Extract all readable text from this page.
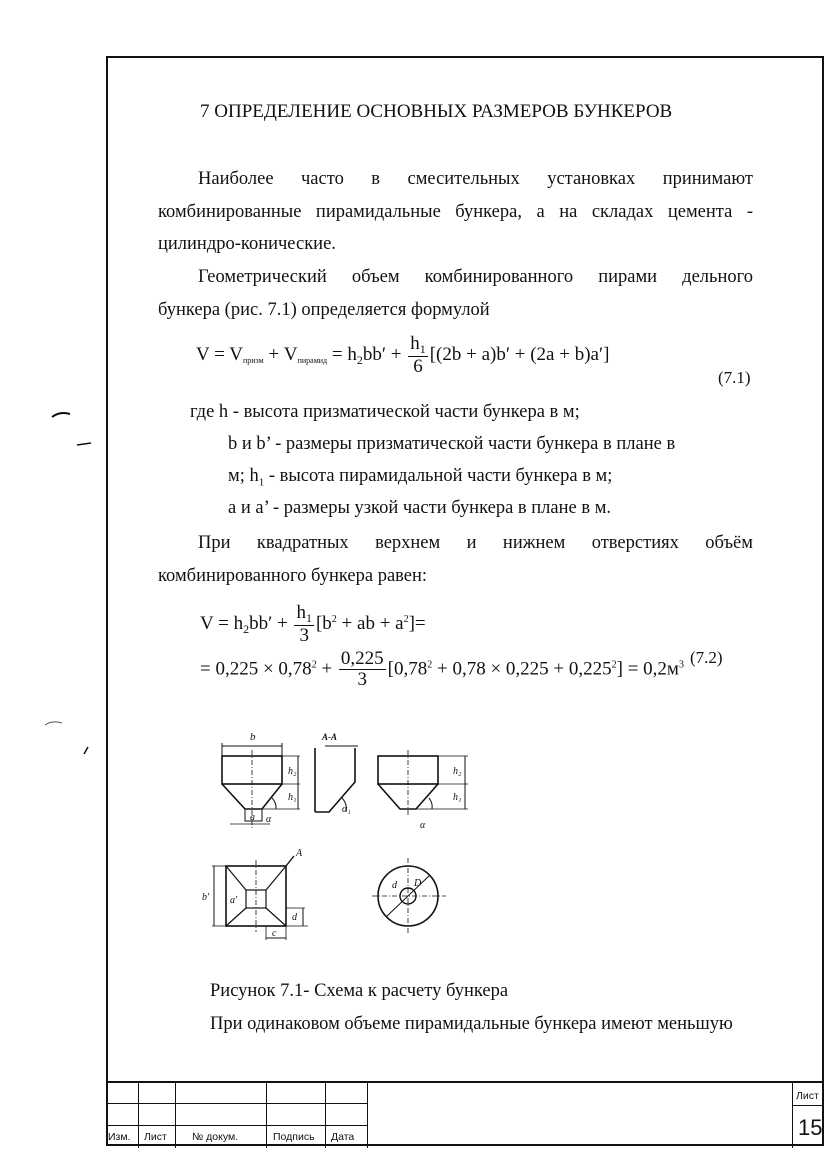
7 ОПРЕДЕЛЕНИЕ ОСНОВНЫХ РАЗМЕРОВ БУНКЕРОВ
Наиболее часто в смесительных установках принимают
комбинированные пирамидальные бункера, а на складах цемента -
цилиндро-конические.
Геометрический объем комбинированного пирами дельного
бункера (рис. 7.1) определяется формулой
$V = V_{призм} + V_{пирамид} = h_2bb' + \frac{h_1}{6} [(2b + a)b' + (2a + b)a']$
(7.1)
где h - высота призматической части бункера в м;
b и b’ - размеры призматической части бункера в плане в
м; $h_1$ - высота пирамидальной части бункера в м;
а и а’ - размеры узкой части бункера в плане в м.
При квадратных верхнем и нижнем отверстиях объём
комбинированного бункера равен:
$V = h_2bb' + \frac{h_1}{3} [b^2$ + ab + $a^2]=$
= $0,225 \times 0,78^2 + \frac{0,225}{3} [0,78^2 + 0,78 \times 0,225 + 0,225^2] = 0,2м^3$ (7.2)
b	А-А
h₂
h₁
a α
α₁
h₂
h₁
α
A
b′ a′
d
c
d D
Рисунок 7.1- Схема к расчету бункера
При одинаковом объеме пирамидальные бункера имеют меньшую
Изм. Лист № докум.	Подпись Дата
Лист
15
